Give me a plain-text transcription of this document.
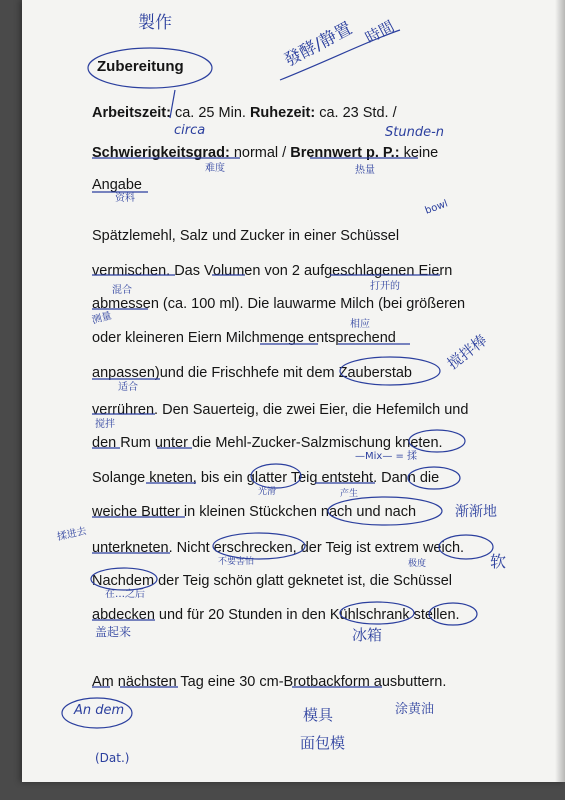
Zubereitung
Arbeitszeit: ca. 25 Min. Ruhezeit: ca. 23 Std. /
Schwierigkeitsgrad: normal / Brennwert p. P.: keine
Angabe
Spätzlemehl, Salz und Zucker in einer Schüssel
vermischen. Das Volumen von 2 aufgeschlagenen Eiern
abmessen (ca. 100 ml). Die lauwarme Milch (bei größeren
oder kleineren Eiern Milchmenge entsprechend
anpassen)und die Frischhefe mit dem Zauberstab
verrühren. Den Sauerteig, die zwei Eier, die Hefemilch und
den Rum unter die Mehl-Zucker-Salzmischung kneten.
Solange kneten, bis ein glatter Teig entsteht. Dann die
weiche Butter in kleinen Stückchen nach und nach
unterkneten. Nicht erschrecken, der Teig ist extrem weich.
Nachdem der Teig schön glatt geknetet ist, die Schüssel
abdecken und für 20 Stunden in den Kühlschrank stellen.
Am nächsten Tag eine 30 cm-Brotbackform ausbuttern.
製作	發酵/静置 時間
circa	Stunde-n
难度	热量
资料	bowl
混合	打开的
测量	相应
搅拌棒
适合
搅拌
—Mix— = 揉
光滑	产生
渐渐地
揉进去
不要害怕	软
极度
在…之后
盖起来	冰箱
An dem
(Dat.)
模具
面包模
涂黄油
